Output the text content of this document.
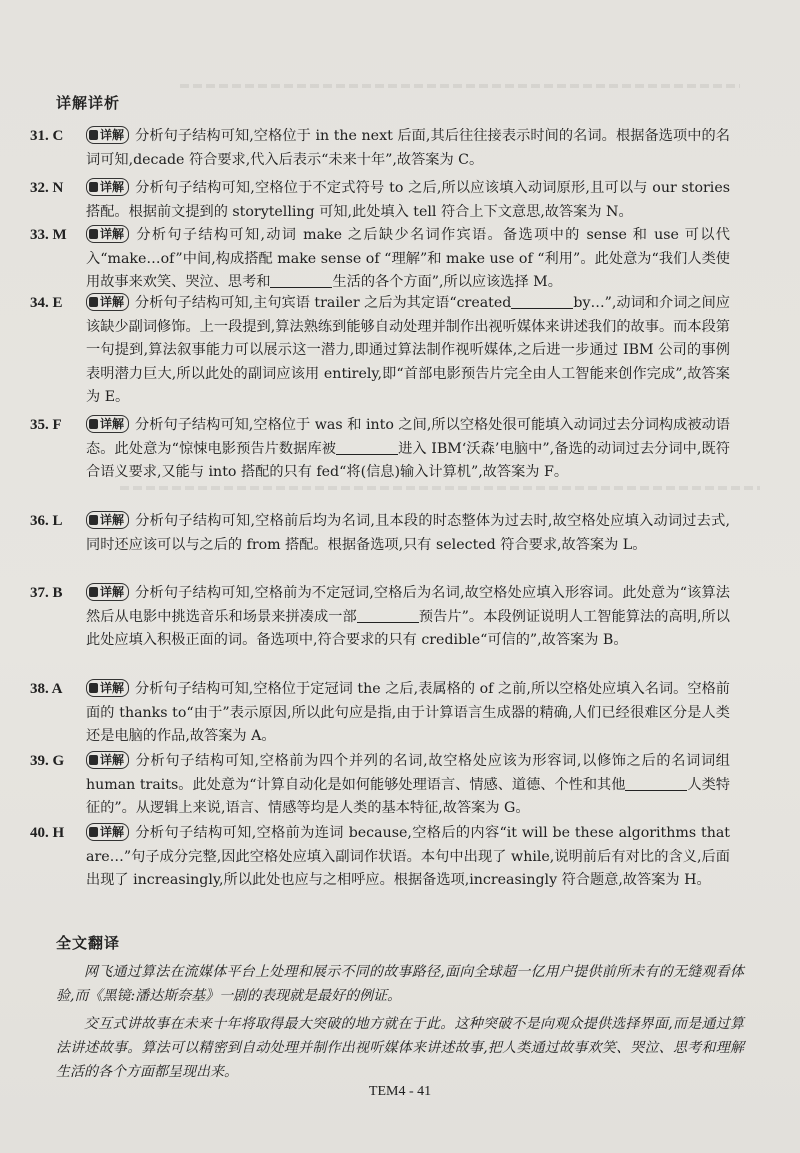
详解详析
31. C	详解 分析句子结构可知,空格位于 in the next 后面,其后往往接表示时间的名词。根据备选项中的名词可知,decade 符合要求,代入后表示“未来十年”,故答案为 C。
32. N	详解 分析句子结构可知,空格位于不定式符号 to 之后,所以应该填入动词原形,且可以与 our stories 搭配。根据前文提到的 storytelling 可知,此处填入 tell 符合上下文意思,故答案为 N。
33. M	详解 分析句子结构可知,动词 make 之后缺少名词作宾语。备选项中的 sense 和 use 可以代入“make…of”中间,构成搭配 make sense of “理解”和 make use of “利用”。此处意为“我们人类使用故事来欢笑、哭泣、思考和	生活的各个方面”,所以应该选择 M。
34. E	详解 分析句子结构可知,主句宾语 trailer 之后为其定语“created	by…”,动词和介词之间应该缺少副词修饰。上一段提到,算法熟练到能够自动处理并制作出视听媒体来讲述我们的故事。而本段第一句提到,算法叙事能力可以展示这一潜力,即通过算法制作视听媒体,之后进一步通过 IBM 公司的事例表明潜力巨大,所以此处的副词应该用 entirely,即“首部电影预告片完全由人工智能来创作完成”,故答案为 E。
35. F	详解 分析句子结构可知,空格位于 was 和 into 之间,所以空格处很可能填入动词过去分词构成被动语态。此处意为“惊悚电影预告片数据库被	进入 IBM‘沃森’电脑中”,备选的动词过去分词中,既符合语义要求,又能与 into 搭配的只有 fed“将(信息)输入计算机”,故答案为 F。
36. L	详解 分析句子结构可知,空格前后均为名词,且本段的时态整体为过去时,故空格处应填入动词过去式,同时还应该可以与之后的 from 搭配。根据备选项,只有 selected 符合要求,故答案为 L。
37. B	详解 分析句子结构可知,空格前为不定冠词,空格后为名词,故空格处应填入形容词。此处意为“该算法然后从电影中挑选音乐和场景来拼凑成一部	预告片”。本段例证说明人工智能算法的高明,所以此处应填入积极正面的词。备选项中,符合要求的只有 credible“可信的”,故答案为 B。
38. A	详解 分析句子结构可知,空格位于定冠词 the 之后,表属格的 of 之前,所以空格处应填入名词。空格前面的 thanks to“由于”表示原因,所以此句应是指,由于计算语言生成器的精确,人们已经很难区分是人类还是电脑的作品,故答案为 A。
39. G	详解 分析句子结构可知,空格前为四个并列的名词,故空格处应该为形容词,以修饰之后的名词词组 human traits。此处意为“计算自动化是如何能够处理语言、情感、道德、个性和其他	人类特征的”。从逻辑上来说,语言、情感等均是人类的基本特征,故答案为 G。
40. H	详解 分析句子结构可知,空格前为连词 because,空格后的内容“it will be these algorithms that are…”句子成分完整,因此空格处应填入副词作状语。本句中出现了 while,说明前后有对比的含义,后面出现了 increasingly,所以此处也应与之相呼应。根据备选项,increasingly 符合题意,故答案为 H。
全文翻译
网飞通过算法在流媒体平台上处理和展示不同的故事路径,面向全球超一亿用户提供前所未有的无缝观看体验,而《黑镜:潘达斯奈基》一剧的表现就是最好的例证。
交互式讲故事在未来十年将取得最大突破的地方就在于此。这种突破不是向观众提供选择界面,而是通过算法讲述故事。算法可以精密到自动处理并制作出视听媒体来讲述故事,把人类通过故事欢笑、哭泣、思考和理解生活的各个方面都呈现出来。
TEM4 - 41
